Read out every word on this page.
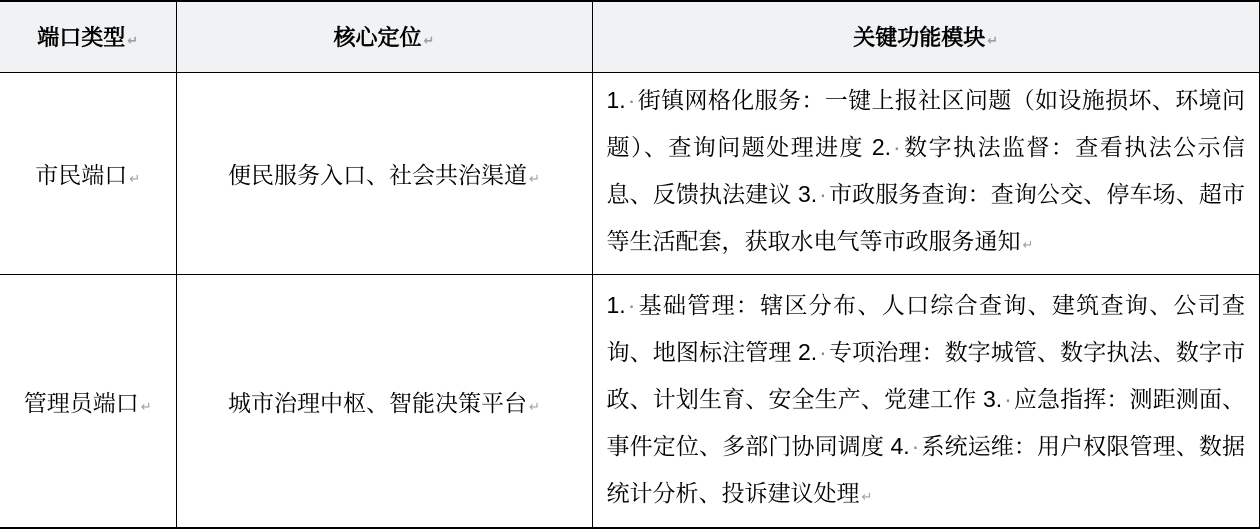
端口类型 ↵	核心定位 ↵	关键功能模块 ↵
市民端口 ↵	便民服务入口、社会共治渠道 ↵	1.·街镇网格化服务：一键上报社区问题（如设施损坏、环境问题）、查询问题处理进度 2.·数字执法监督：查看执法公示信息、反馈执法建议 3.·市政服务查询：查询公交、停车场、超市等生活配套，获取水电气等市政服务通知 ↵

管理员端口 ↵	城市治理中枢、智能决策平台 ↵	1.·基础管理：辖区分布、人口综合查询、建筑查询、公司查询、地图标注管理 2.·专项治理：数字城管、数字执法、数字市政、计划生育、安全生产、党建工作 3.·应急指挥：测距测面、事件定位、多部门协同调度 4.·系统运维：用户权限管理、数据统计分析、投诉建议处理 ↵
